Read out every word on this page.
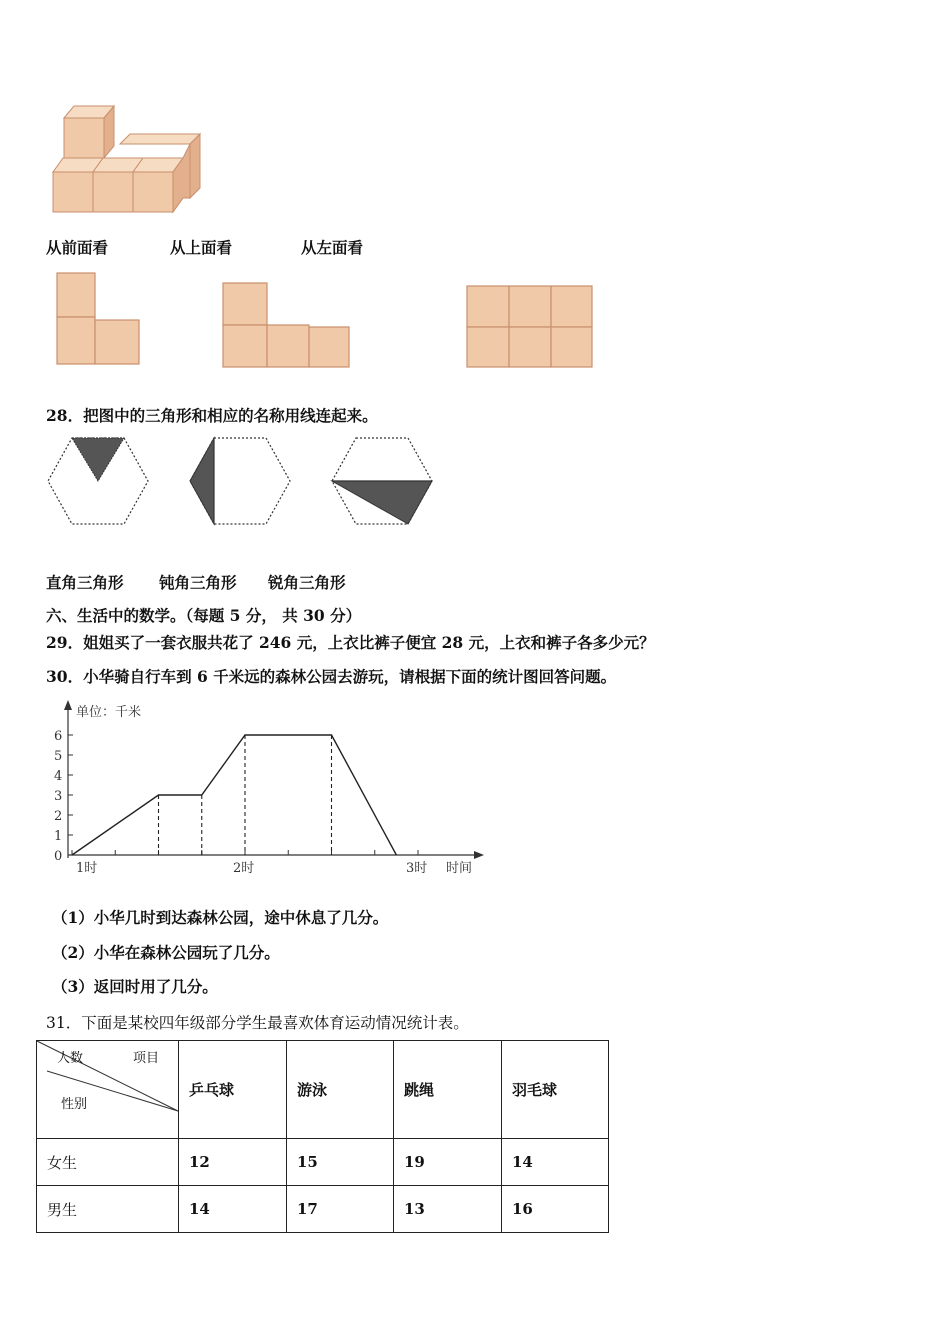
从前面看	从上面看	从左面看
28．把图中的三角形和相应的名称用线连起来。
直角三角形 钝角三角形 锐角三角形
六、生活中的数学。（每题 5 分， 共 30 分）
29．姐姐买了一套衣服共花了 246 元，上衣比裤子便宜 28 元，上衣和裤子各多少元？
30．小华骑自行车到 6 千米远的森林公园去游玩，请根据下面的统计图回答问题。
单位：千米
时间
0
1
2
3
4
5
6
1时	2时	3时
（1）小华几时到达森林公园，途中休息了几分。
（2）小华在森林公园玩了几分。
（3）返回时用了几分。
31．下面是某校四年级部分学生最喜欢体育运动情况统计表。
人数 项目
性别	乒乓球	游泳	跳绳	羽毛球
女生	12	15	19	14
男生	14	17	13	16
